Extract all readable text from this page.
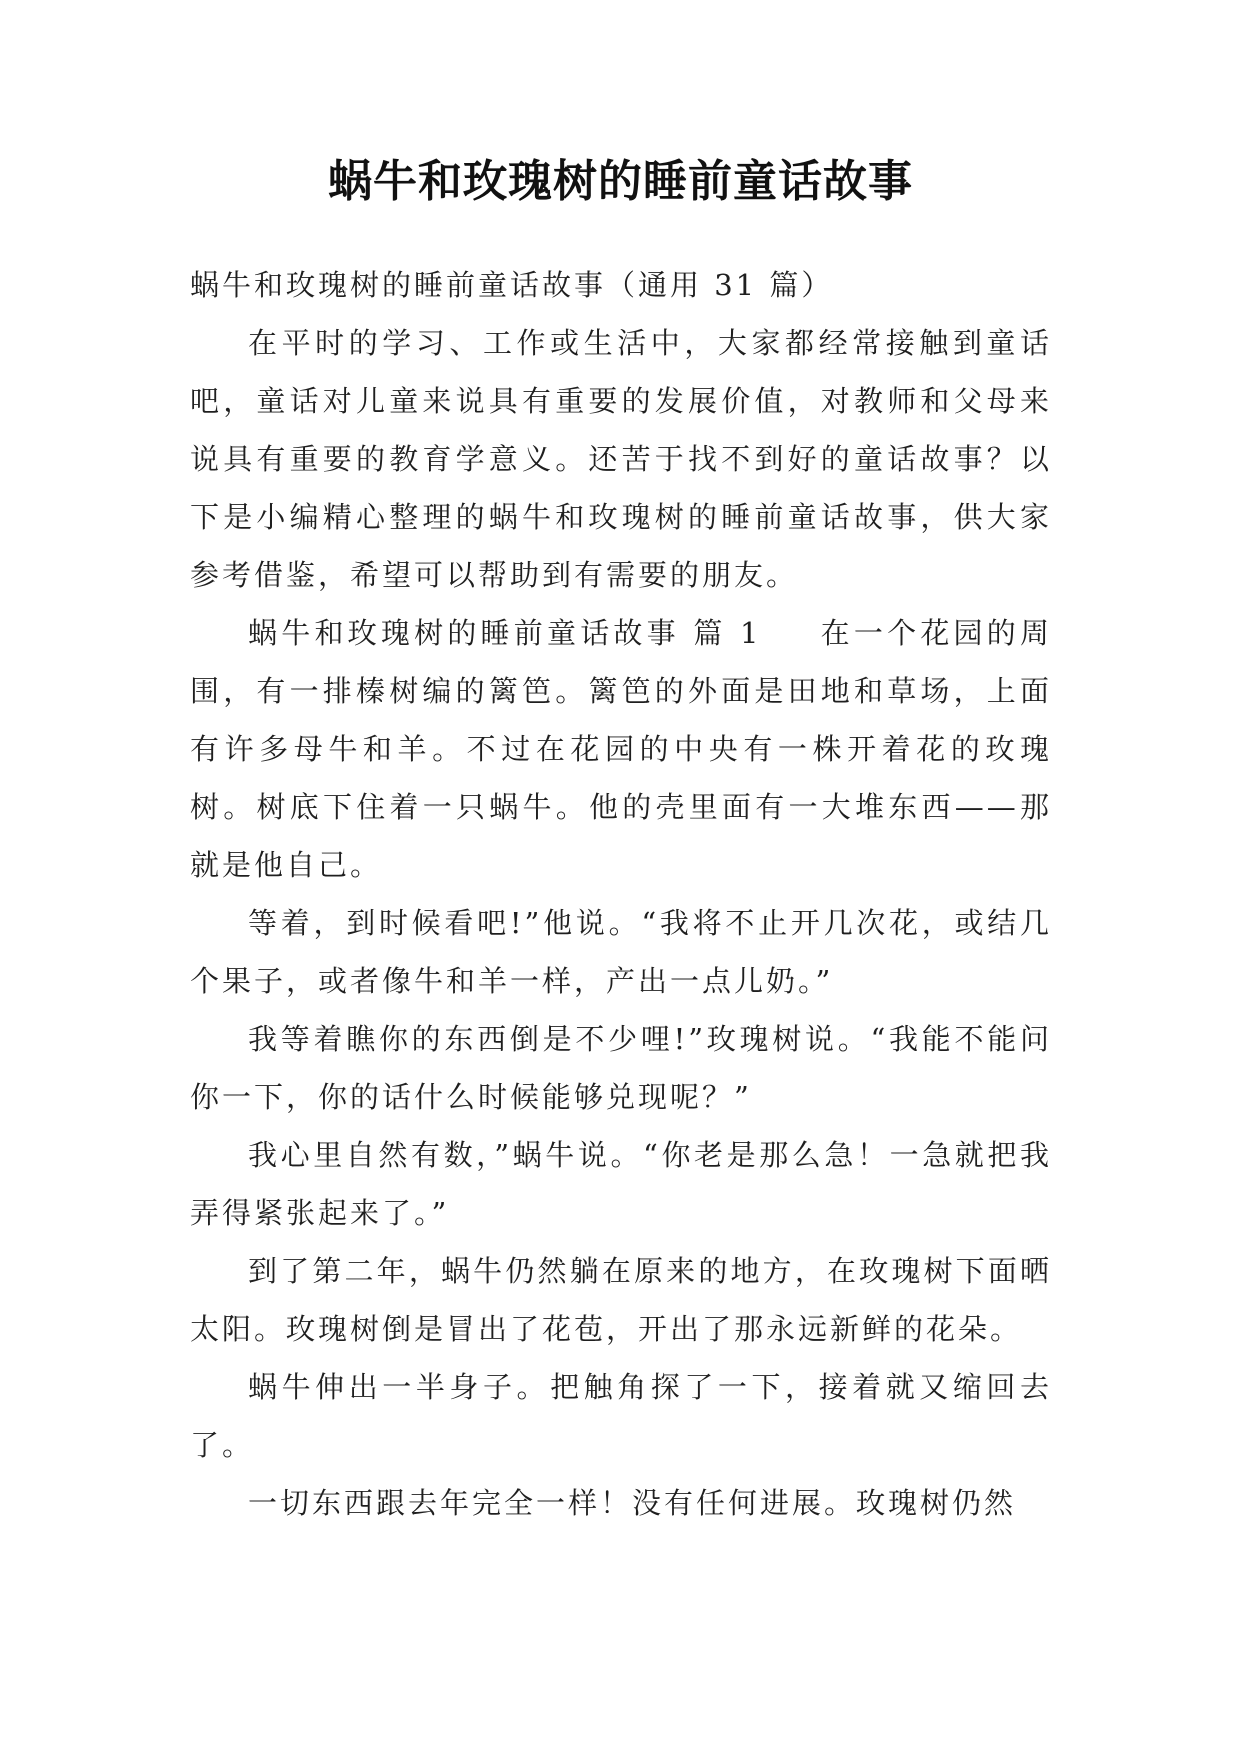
蜗牛和玫瑰树的睡前童话故事

蜗牛和玫瑰树的睡前童话故事（通用 31 篇）

在平时的学习、工作或生活中，大家都经常接触到童话吧，童话对儿童来说具有重要的发展价值，对教师和父母来说具有重要的教育学意义。还苦于找不到好的童话故事？以下是小编精心整理的蜗牛和玫瑰树的睡前童话故事，供大家参考借鉴，希望可以帮助到有需要的朋友。

蜗牛和玫瑰树的睡前童话故事 篇 1 在一个花园的周围，有一排榛树编的篱笆。篱笆的外面是田地和草场，上面有许多母牛和羊。不过在花园的中央有一株开着花的玫瑰树。树底下住着一只蜗牛。他的壳里面有一大堆东西——那就是他自己。

等着，到时候看吧!”他说。“我将不止开几次花，或结几个果子，或者像牛和羊一样，产出一点儿奶。”

我等着瞧你的东西倒是不少哩!”玫瑰树说。“我能不能问你一下，你的话什么时候能够兑现呢？”

我心里自然有数，”蜗牛说。“你老是那么急！一急就把我弄得紧张起来了。”

到了第二年，蜗牛仍然躺在原来的地方，在玫瑰树下面晒太阳。玫瑰树倒是冒出了花苞，开出了那永远新鲜的花朵。

蜗牛伸出一半身子。把触角探了一下，接着就又缩回去了。

一切东西跟去年完全一样！没有任何进展。玫瑰树仍然
